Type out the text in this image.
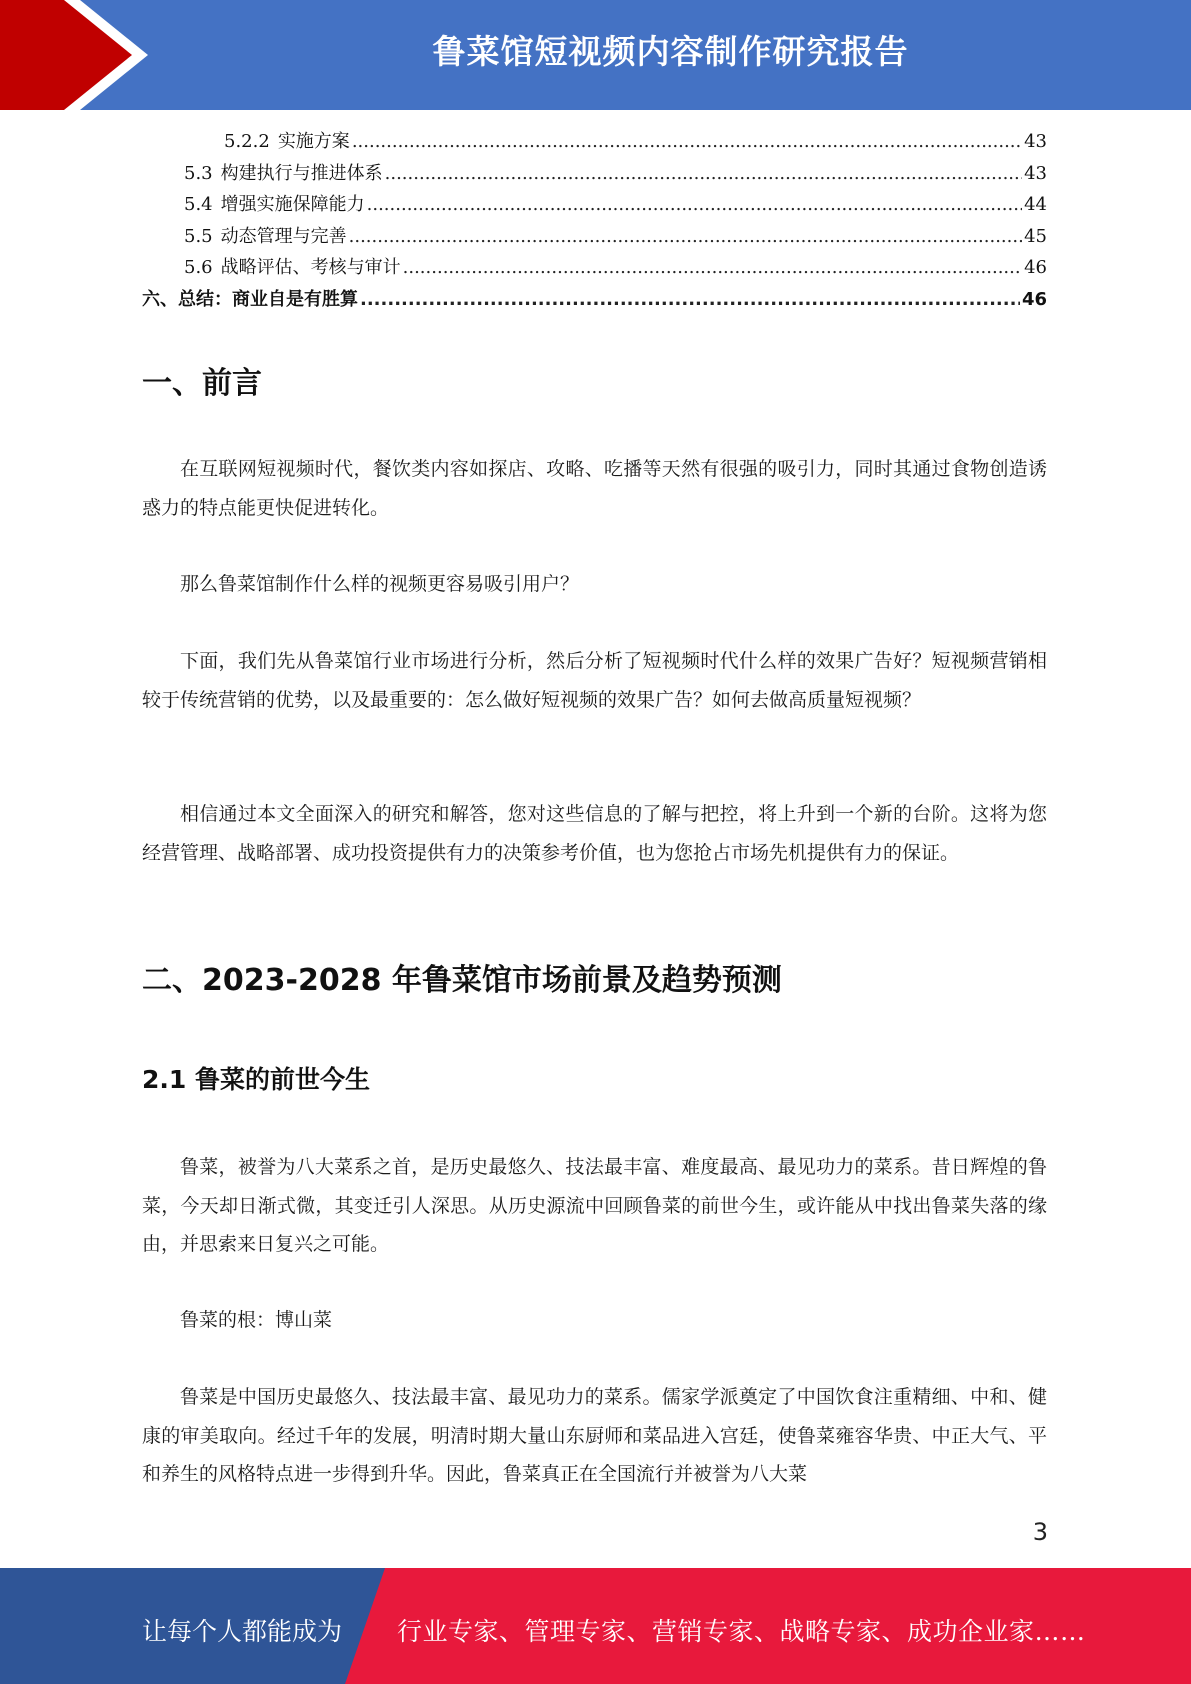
鲁菜馆短视频内容制作研究报告
5.2.2 实施方案 .....	43
5.3 构建执行与推进体系 .....	43
5.4 增强实施保障能力 .....	44
5.5 动态管理与完善 .....	45
5.6 战略评估、考核与审计 .....	46
六、 总结：商业自是有胜算 .....	46
一、前言

在互联网短视频时代，餐饮类内容如探店、攻略、吃播等天然有很强的吸引力，同时其通过食物创造诱惑力的特点能更快促进转化。

那么鲁菜馆制作什么样的视频更容易吸引用户？

下面，我们先从鲁菜馆行业市场进行分析，然后分析了短视频时代什么样的效果广告好？短视频营销相较于传统营销的优势，以及最重要的：怎么做好短视频的效果广告？如何去做高质量短视频？

相信通过本文全面深入的研究和解答，您对这些信息的了解与把控，将上升到一个新的台阶。这将为您经营管理、战略部署、成功投资提供有力的决策参考价值，也为您抢占市场先机提供有力的保证。

二、2023-2028 年鲁菜馆市场前景及趋势预测
2.1 鲁菜的前世今生

鲁菜，被誉为八大菜系之首，是历史最悠久、技法最丰富、难度最高、最见功力的菜系。昔日辉煌的鲁菜，今天却日渐式微，其变迁引人深思。从历史源流中回顾鲁菜的前世今生，或许能从中找出鲁菜失落的缘由，并思索来日复兴之可能。

鲁菜的根：博山菜

鲁菜是中国历史最悠久、技法最丰富、最见功力的菜系。儒家学派奠定了中国饮食注重精细、中和、健康的审美取向。经过千年的发展，明清时期大量山东厨师和菜品进入宫廷，使鲁菜雍容华贵、中正大气、平和养生的风格特点进一步得到升华。因此，鲁菜真正在全国流行并被誉为八大菜

3
让每个人都能成为 行业专家、管理专家、营销专家、战略专家、成功企业家……
